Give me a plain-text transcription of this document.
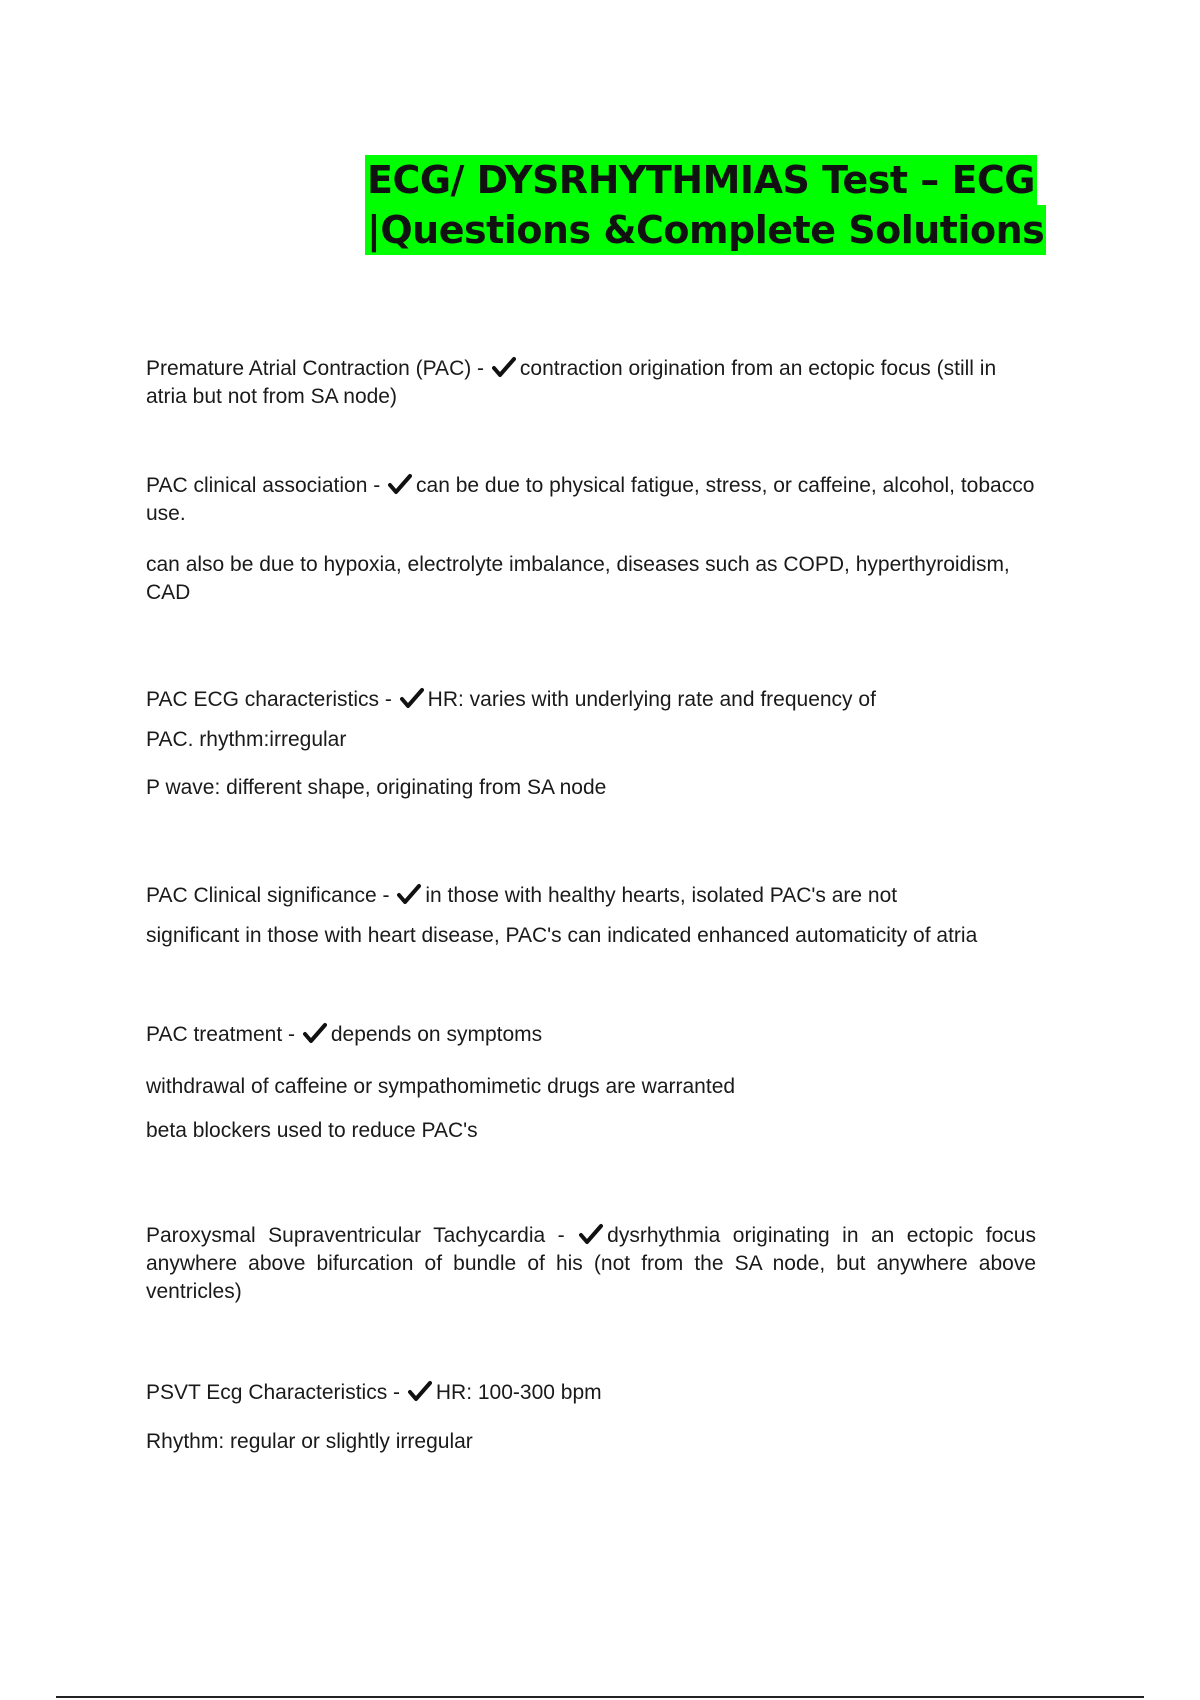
ECG/ DYSRHYTHMIAS Test – ECG
|Questions &Complete Solutions

Premature Atrial Contraction (PAC) - contraction origination from an ectopic focus (still in atria but not from SA node)

PAC clinical association - can be due to physical fatigue, stress, or caffeine, alcohol, tobacco use.

can also be due to hypoxia, electrolyte imbalance, diseases such as COPD, hyperthyroidism, CAD

PAC ECG characteristics - HR: varies with underlying rate and frequency of

PAC. rhythm:irregular

P wave: different shape, originating from SA node

PAC Clinical significance - in those with healthy hearts, isolated PAC's are not

significant in those with heart disease, PAC's can indicated enhanced automaticity of atria

PAC treatment - depends on symptoms

withdrawal of caffeine or sympathomimetic drugs are warranted

beta blockers used to reduce PAC's

Paroxysmal Supraventricular Tachycardia - dysrhythmia originating in an ectopic focus anywhere above bifurcation of bundle of his (not from the SA node, but anywhere above ventricles)

PSVT Ecg Characteristics - HR: 100-300 bpm

Rhythm: regular or slightly irregular
